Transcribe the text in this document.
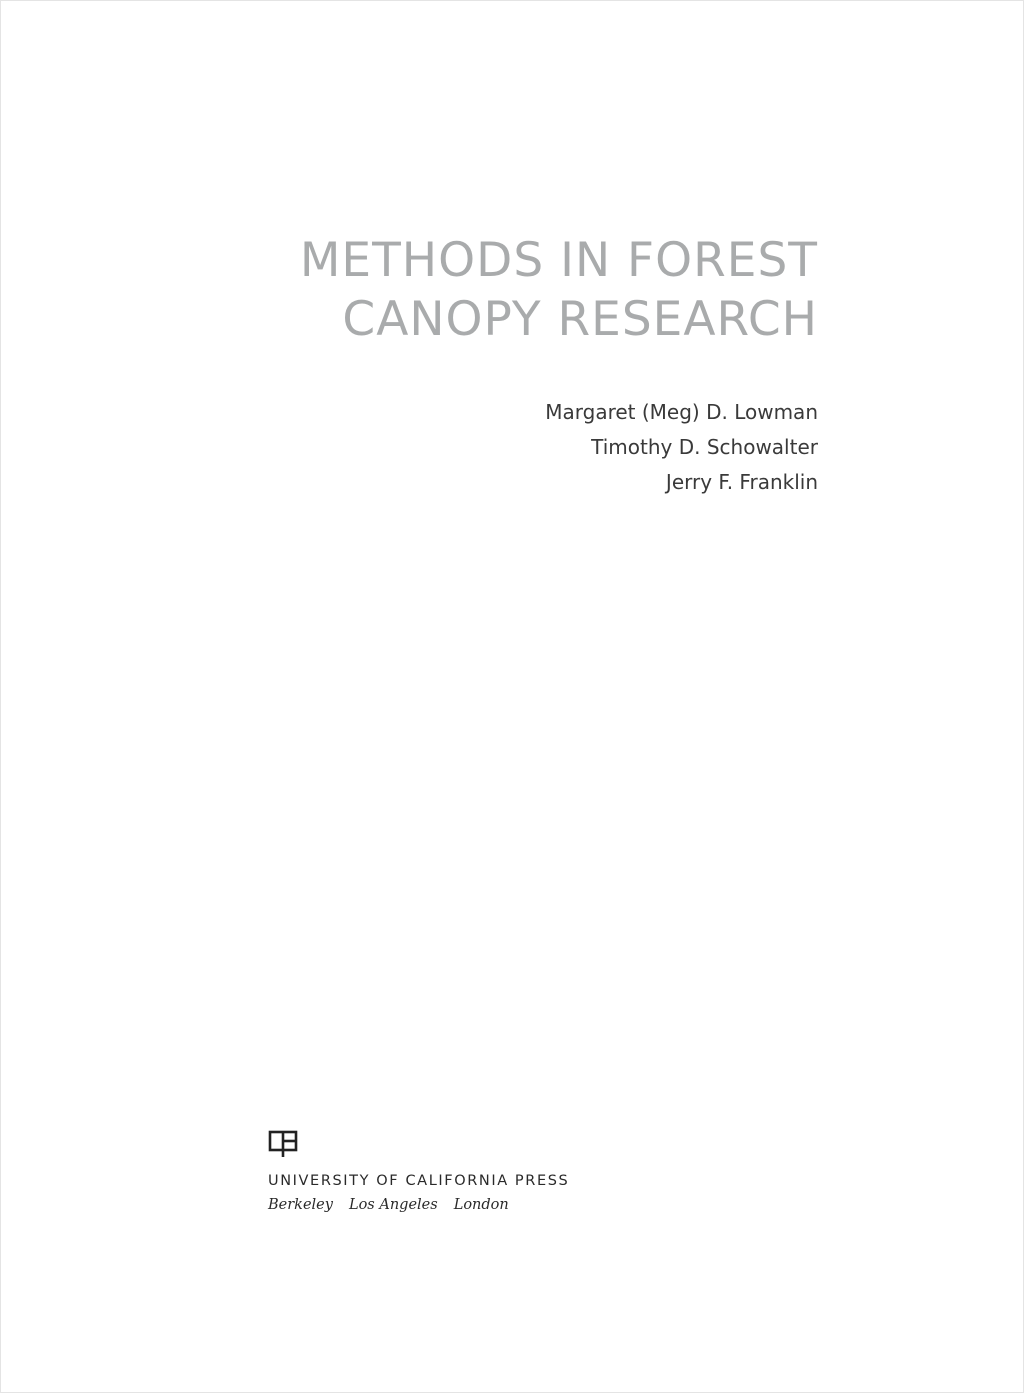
METHODS IN FOREST
CANOPY RESEARCH
Margaret (Meg) D. Lowman
Timothy D. Schowalter
Jerry F. Franklin
UNIVERSITY OF CALIFORNIA PRESS
Berkeley Los Angeles London
